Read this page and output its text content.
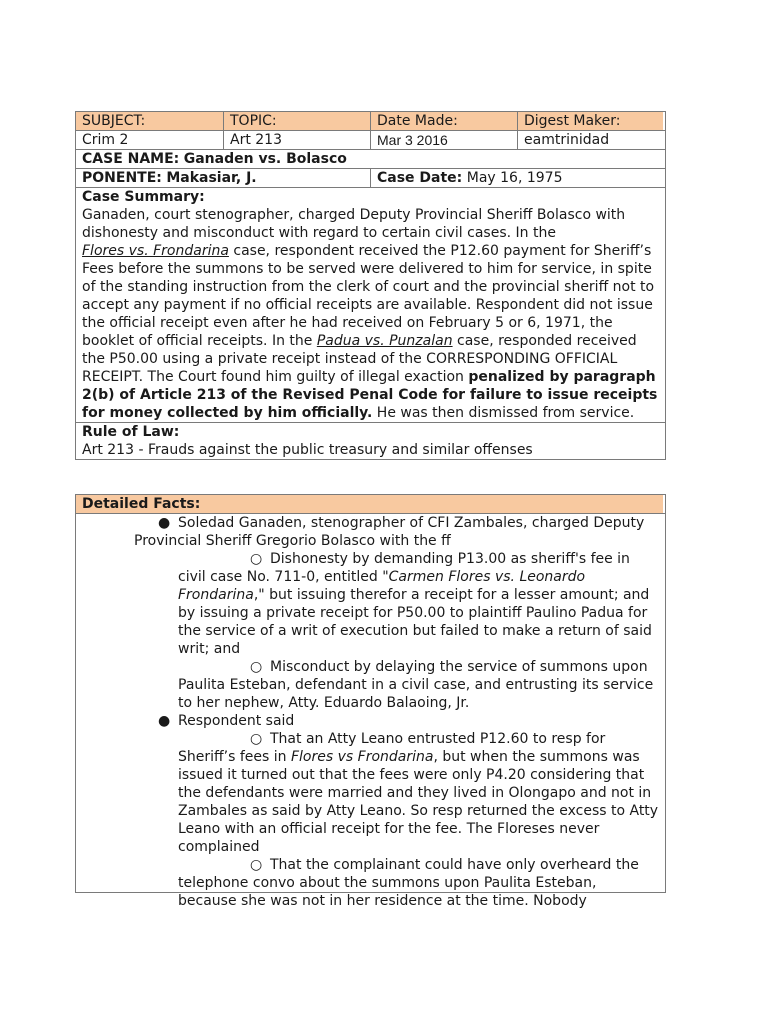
SUBJECT:	TOPIC:	Date Made:	Digest Maker:
Crim 2	Art 213	Mar 3 2016	eamtrinidad
CASE NAME: Ganaden vs. Bolasco
PONENTE: Makasiar, J.	Case Date: May 16, 1975
Case Summary:

Ganaden, court stenographer, charged Deputy Provincial Sheriff Bolasco with dishonesty and misconduct with regard to certain civil cases. In the
Flores vs. Frondarina case, respondent received the P12.60 payment for Sheriff’s Fees before the summons to be served were delivered to him for service, in spite of the standing instruction from the clerk of court and the provincial sheriff not to accept any payment if no official receipts are available. Respondent did not issue the official receipt even after he had received on February 5 or 6, 1971, the booklet of official receipts. In the Padua vs. Punzalan case, responded received the P50.00 using a private receipt instead of the CORRESPONDING OFFICIAL RECEIPT. The Court found him guilty of illegal exaction penalized by paragraph 2(b) of Article 213 of the Revised Penal Code for failure to issue receipts for money collected by him officially. He was then dismissed from service.

Rule of Law:
Art 213 - Frauds against the public treasury and similar offenses
Detailed Facts:
● Soledad Ganaden, stenographer of CFI Zambales, charged Deputy Provincial Sheriff Gregorio Bolasco with the ff
○ Dishonesty by demanding P13.00 as sheriff's fee in civil case No. 711-0, entitled "Carmen Flores vs. Leonardo Frondarina," but issuing therefor a receipt for a lesser amount; and by issuing a private receipt for P50.00 to plaintiff Paulino Padua for the service of a writ of execution but failed to make a return of said writ; and
○ Misconduct by delaying the service of summons upon Paulita Esteban, defendant in a civil case, and entrusting its service to her nephew, Atty. Eduardo Balaoing, Jr.
● Respondent said
○ That an Atty Leano entrusted P12.60 to resp for Sheriff’s fees in Flores vs Frondarina, but when the summons was issued it turned out that the fees were only P4.20 considering that the defendants were married and they lived in Olongapo and not in Zambales as said by Atty Leano. So resp returned the excess to Atty Leano with an official receipt for the fee. The Floreses never complained
○ That the complainant could have only overheard the telephone convo about the summons upon Paulita Esteban, because she was not in her residence at the time. Nobody
